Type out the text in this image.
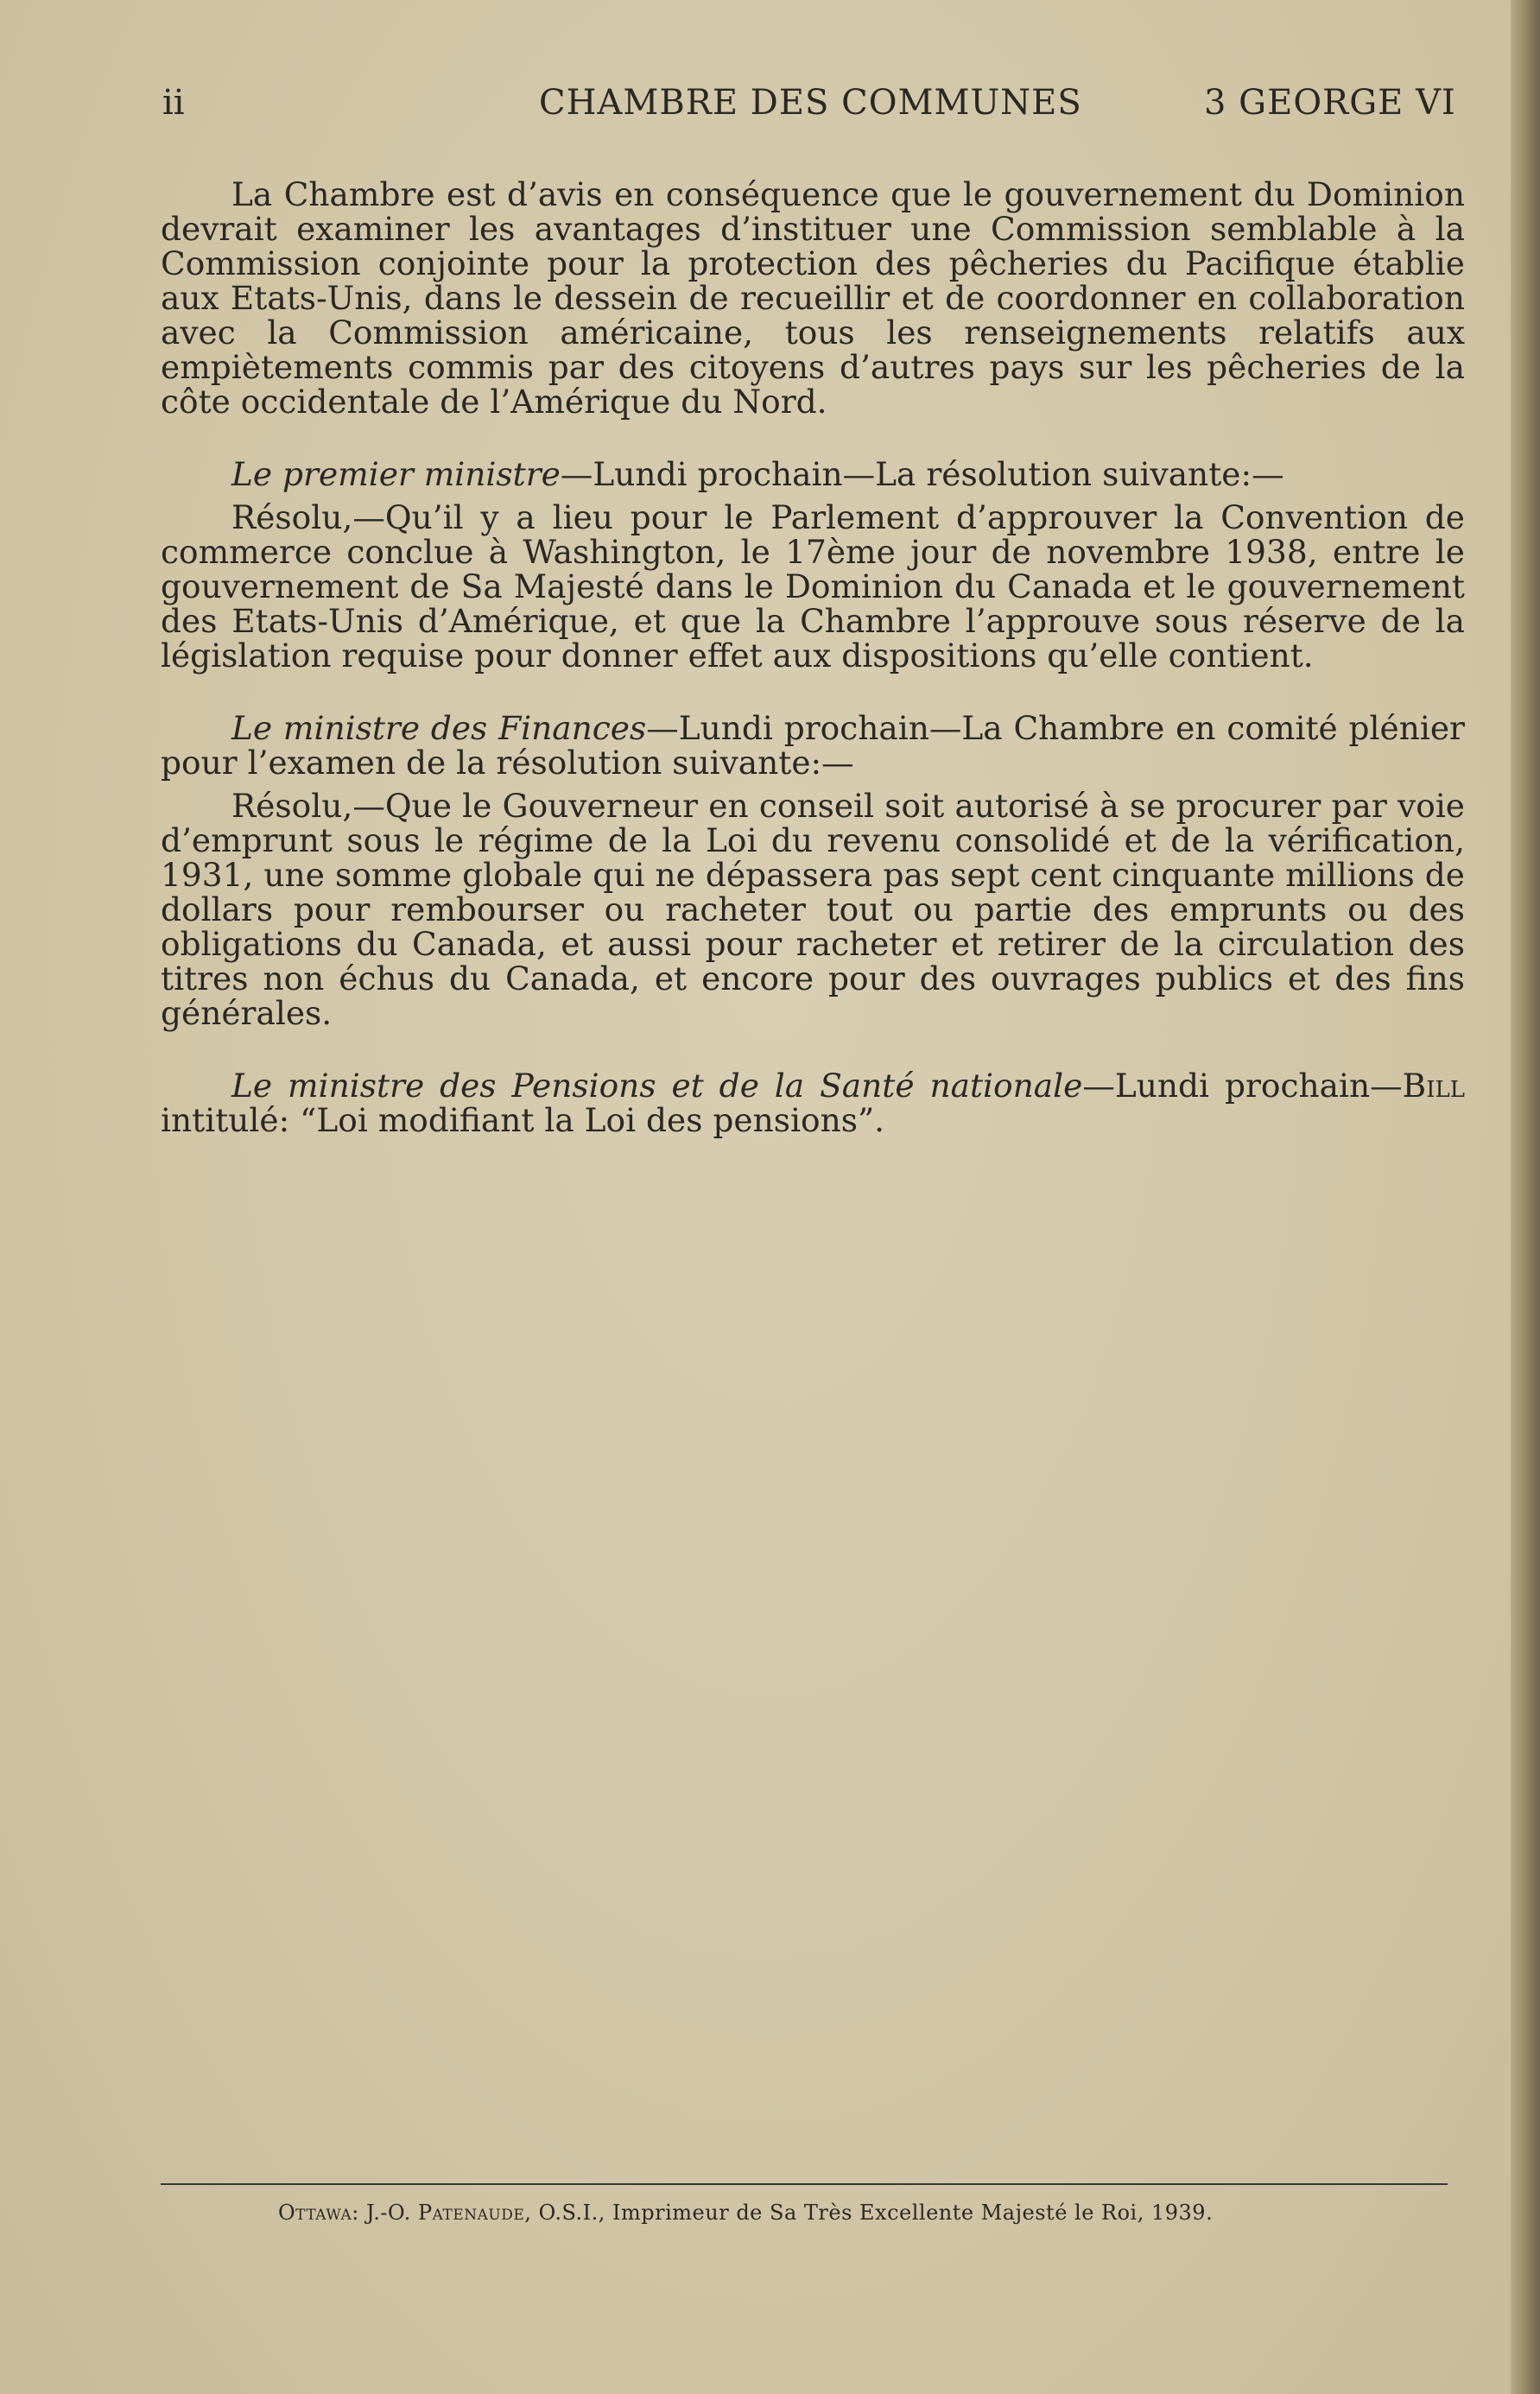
ii	CHAMBRE DES COMMUNES	3 GEORGE VI

La Chambre est d’avis en conséquence que le gouvernement du Dominion devrait examiner les avantages d’instituer une Commission semblable à la Commission conjointe pour la protection des pêcheries du Pacifique établie aux Etats-Unis, dans le dessein de recueillir et de coordonner en collaboration avec la Commission américaine, tous les renseignements relatifs aux empiètements commis par des citoyens d’autres pays sur les pêcheries de la côte occidentale de l’Amérique du Nord.

Le premier ministre—Lundi prochain—La résolution suivante:—

Résolu,—Qu’il y a lieu pour le Parlement d’approuver la Convention de commerce conclue à Washington, le 17ème jour de novembre 1938, entre le gouvernement de Sa Majesté dans le Dominion du Canada et le gouvernement des Etats-Unis d’Amérique, et que la Chambre l’approuve sous réserve de la législation requise pour donner effet aux dispositions qu’elle contient.

Le ministre des Finances—Lundi prochain—La Chambre en comité plénier pour l’examen de la résolution suivante:—

Résolu,—Que le Gouverneur en conseil soit autorisé à se procurer par voie d’emprunt sous le régime de la Loi du revenu consolidé et de la vérification, 1931, une somme globale qui ne dépassera pas sept cent cinquante millions de dollars pour rembourser ou racheter tout ou partie des emprunts ou des obligations du Canada, et aussi pour racheter et retirer de la circulation des titres non échus du Canada, et encore pour des ouvrages publics et des fins générales.

Le ministre des Pensions et de la Santé nationale—Lundi prochain—Bill intitulé: “Loi modifiant la Loi des pensions”.

Ottawa: J.-O. Patenaude, O.S.I., Imprimeur de Sa Très Excellente Majesté le Roi, 1939.
